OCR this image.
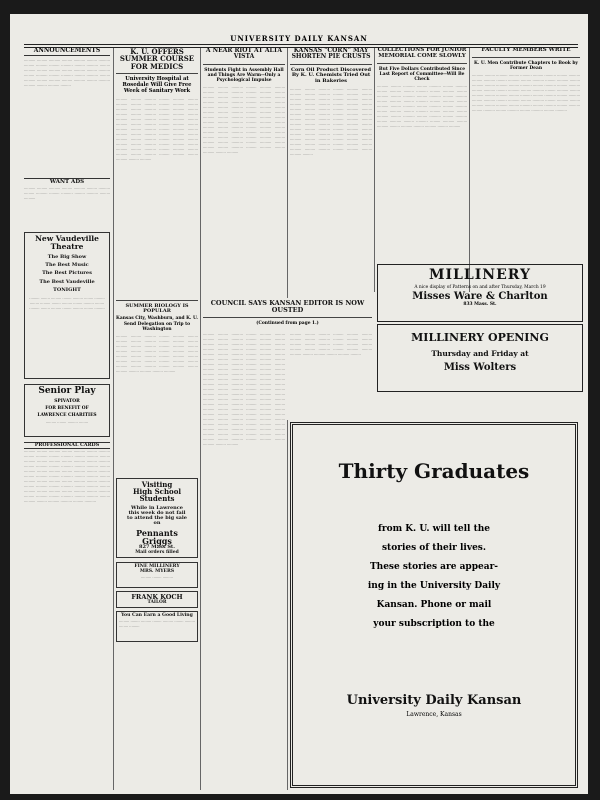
UNIVERSITY DAILY KANSAN
ANNOUNCEMENTS
.......... ......... .......... ......... .......... ......... .......... ......... .......... ......... .......... ......... .......... ......... .......... ......... .......... ......... .......... ......... .......... ......... .......... ......... .......... ......... .......... ......... .......... ......... .......... ......... .......... ......... .......... .......... ......... .......... .........
WANT ADS
.......... ......... .......... ......... .......... ......... .......... ......... .......... ......... .......... ......... .......... ......... ..........
New Vaudeville
Theatre
The Big Show
The Best Music
The Best Pictures
The Best Vaudeville
TONIGHT
......... ........ ......... ........ ......... ........ ......... ........ ......... ........ ......... ........ ......... ........ ......... ........ ......... ........ ......... ........ .........
Senior Play
SPIVATOR
FOR BENEFIT OF
LAWRENCE CHARITIES
......... ........ ......... ........
PROFESSIONAL CARDS
.......... ......... .......... ......... .......... ......... .......... ......... .......... ......... .......... ......... .......... ......... .......... ......... .......... ......... .......... ......... .......... ......... .......... ......... .......... ......... .......... ......... .......... ......... .......... ......... .......... ......... .......... ......... .......... ......... .......... ......... .......... ......... .......... ......... .......... ......... .......... ......... .......... ......... .......... ......... .......... ......... .......... ......... .......... ......... .......... ......... .......... ......... .......... ......... .......... ......... .......... ......... .......... ......... .......... ......... .......... .......... ......... ..........
K. U. OFFERS SUMMER COURSE FOR MEDICS
University Hospital at Rosedale Will Give Free Week of Sanitary Work
.......... ......... .......... ......... .......... ......... .......... ......... .......... ......... .......... ......... .......... ......... .......... ......... .......... ......... .......... ......... .......... ......... .......... ......... .......... ......... .......... ......... .......... ......... .......... ......... .......... ......... .......... ......... .......... ......... .......... ......... .......... ......... .......... ......... .......... ......... .......... ......... .......... ......... .......... ......... .......... ......... .......... ......... .......... ......... .......... ......... .......... ......... .......... ......... .......... ......... .......... ......... .......... ......... .......... ......... .......... ......... ..........
SUMMER BIOLOGY IS POPULAR
Kansas City, Washburn, and K. U. Send Delegation on Trip to Washington
.......... ......... .......... ......... .......... ......... .......... ......... .......... ......... .......... ......... .......... ......... .......... ......... .......... ......... .......... ......... .......... ......... .......... ......... .......... ......... .......... ......... .......... ......... .......... ......... .......... ......... .......... ......... .......... ......... .......... ......... .......... ......... .......... ......... .......... ......... ..........
Visiting
High School
Students
While in Lawrence
this week do not fail
to attend the big sale
on
Pennants
Griggs
827 Mass St.
Mail orders filled
FINE MILLINERY
MRS. MYERS
......... ........ .........
FRANK KOCH
TAILOR
You Can Earn a Good Living
......... ........ ......... ........ ......... ........ ......... ........ .........
A NEAR RIOT AT ALTA VISTA
Students Fight in Assembly Hall and Things Are Warm--Only a Psychological Impulse
.......... ......... .......... ......... .......... ......... .......... ......... .......... ......... .......... ......... .......... ......... .......... ......... .......... ......... .......... ......... .......... ......... .......... ......... .......... ......... .......... ......... .......... ......... .......... ......... .......... ......... .......... ......... .......... ......... .......... ......... .......... ......... .......... ......... .......... ......... .......... ......... .......... ......... .......... ......... .......... ......... .......... ......... .......... ......... .......... ......... .......... ......... .......... ......... .......... ......... .......... ......... .......... ......... .......... ......... .......... ......... .......... ......... .......... ......... .......... ......... ..........
KANSAS "CORN" MAY SHORTEN PIE CRUSTS
Corn Oil Product Discovered By K. U. Chemists Tried Out in Bakeries
.......... ......... .......... ......... .......... ......... .......... ......... .......... ......... .......... ......... .......... ......... .......... ......... .......... ......... .......... ......... .......... ......... .......... ......... .......... ......... .......... ......... .......... ......... .......... ......... .......... ......... .......... ......... .......... ......... .......... ......... .......... ......... .......... ......... .......... ......... .......... ......... .......... ......... .......... ......... .......... ......... .......... ......... .......... ......... .......... ......... .......... ......... .......... ......... .......... ......... .......... ......... .......... ......... .......... ......... .......... ......... .......... ......... .......... ......... .......... .........
COUNCIL SAYS KANSAN EDITOR IS NOW OUSTED
(Continued from page 1.)
.......... ......... .......... ......... .......... ......... .......... ......... .......... ......... .......... ......... .......... ......... .......... ......... .......... ......... .......... ......... .......... ......... .......... ......... .......... ......... .......... ......... .......... ......... .......... ......... .......... ......... .......... ......... .......... ......... .......... ......... .......... ......... .......... ......... .......... ......... .......... ......... .......... ......... .......... ......... .......... ......... .......... ......... .......... ......... .......... ......... .......... ......... .......... ......... .......... ......... .......... ......... .......... ......... .......... ......... .......... ......... .......... ......... .......... ......... .......... ......... .......... ......... .......... ......... .......... ......... .......... ......... .......... ......... .......... ......... .......... ......... .......... ......... .......... ......... .......... ......... .......... ......... .......... ......... .......... ......... .......... ......... .......... ......... .......... ......... .......... ......... .......... ......... .......... ......... .......... ......... .......... ......... .......... ......... .......... ......... .......... ......... .......... ......... .......... ......... .......... ......... ..........
.......... ......... .......... ......... .......... ......... .......... ......... .......... ......... .......... ......... .......... ......... .......... ......... .......... ......... .......... ......... .......... ......... .......... ......... .......... ......... .......... ......... .......... .........
COLLECTIONS FOR JUNIOR MEMORIAL COME SLOWLY
But Five Dollars Contributed Since Last Report of Committee--Will Be Check
.......... ......... .......... ......... .......... ......... .......... ......... .......... ......... .......... ......... .......... ......... .......... ......... .......... ......... .......... ......... .......... ......... .......... ......... .......... ......... .......... ......... .......... ......... .......... ......... .......... ......... .......... ......... .......... ......... .......... ......... .......... ......... .......... ......... .......... ......... .......... ......... .......... ......... .......... ......... .......... ......... .......... ......... .......... ......... .......... ......... .......... ......... ..........
FACULTY MEMBERS WRITE
K. U. Men Contribute Chapters to Book by Former Dean
.......... ......... .......... ......... .......... ......... .......... ......... .......... ......... .......... ......... .......... ......... .......... ......... .......... ......... .......... ......... .......... ......... .......... ......... .......... ......... .......... ......... .......... ......... .......... ......... .......... ......... .......... ......... .......... ......... .......... ......... .......... ......... .......... ......... .......... ......... .......... ......... .......... ......... .......... ......... .......... ......... .......... ......... .......... ......... .......... ......... .......... ......... .......... ......... .......... ......... .......... ......... .......... ......... ..........
MILLINERY
A nice display of Patterns on and after Thursday, March 19
Misses Ware & Charlton
833 Mass. St.
MILLINERY OPENING
Thursday and Friday at
Miss Wolters
Thirty Graduates
from K. U. will tell the
stories of their lives.
These stories are appear-
ing in the University Daily
Kansan. Phone or mail
your subscription to the
University Daily Kansan
Lawrence, Kansas
